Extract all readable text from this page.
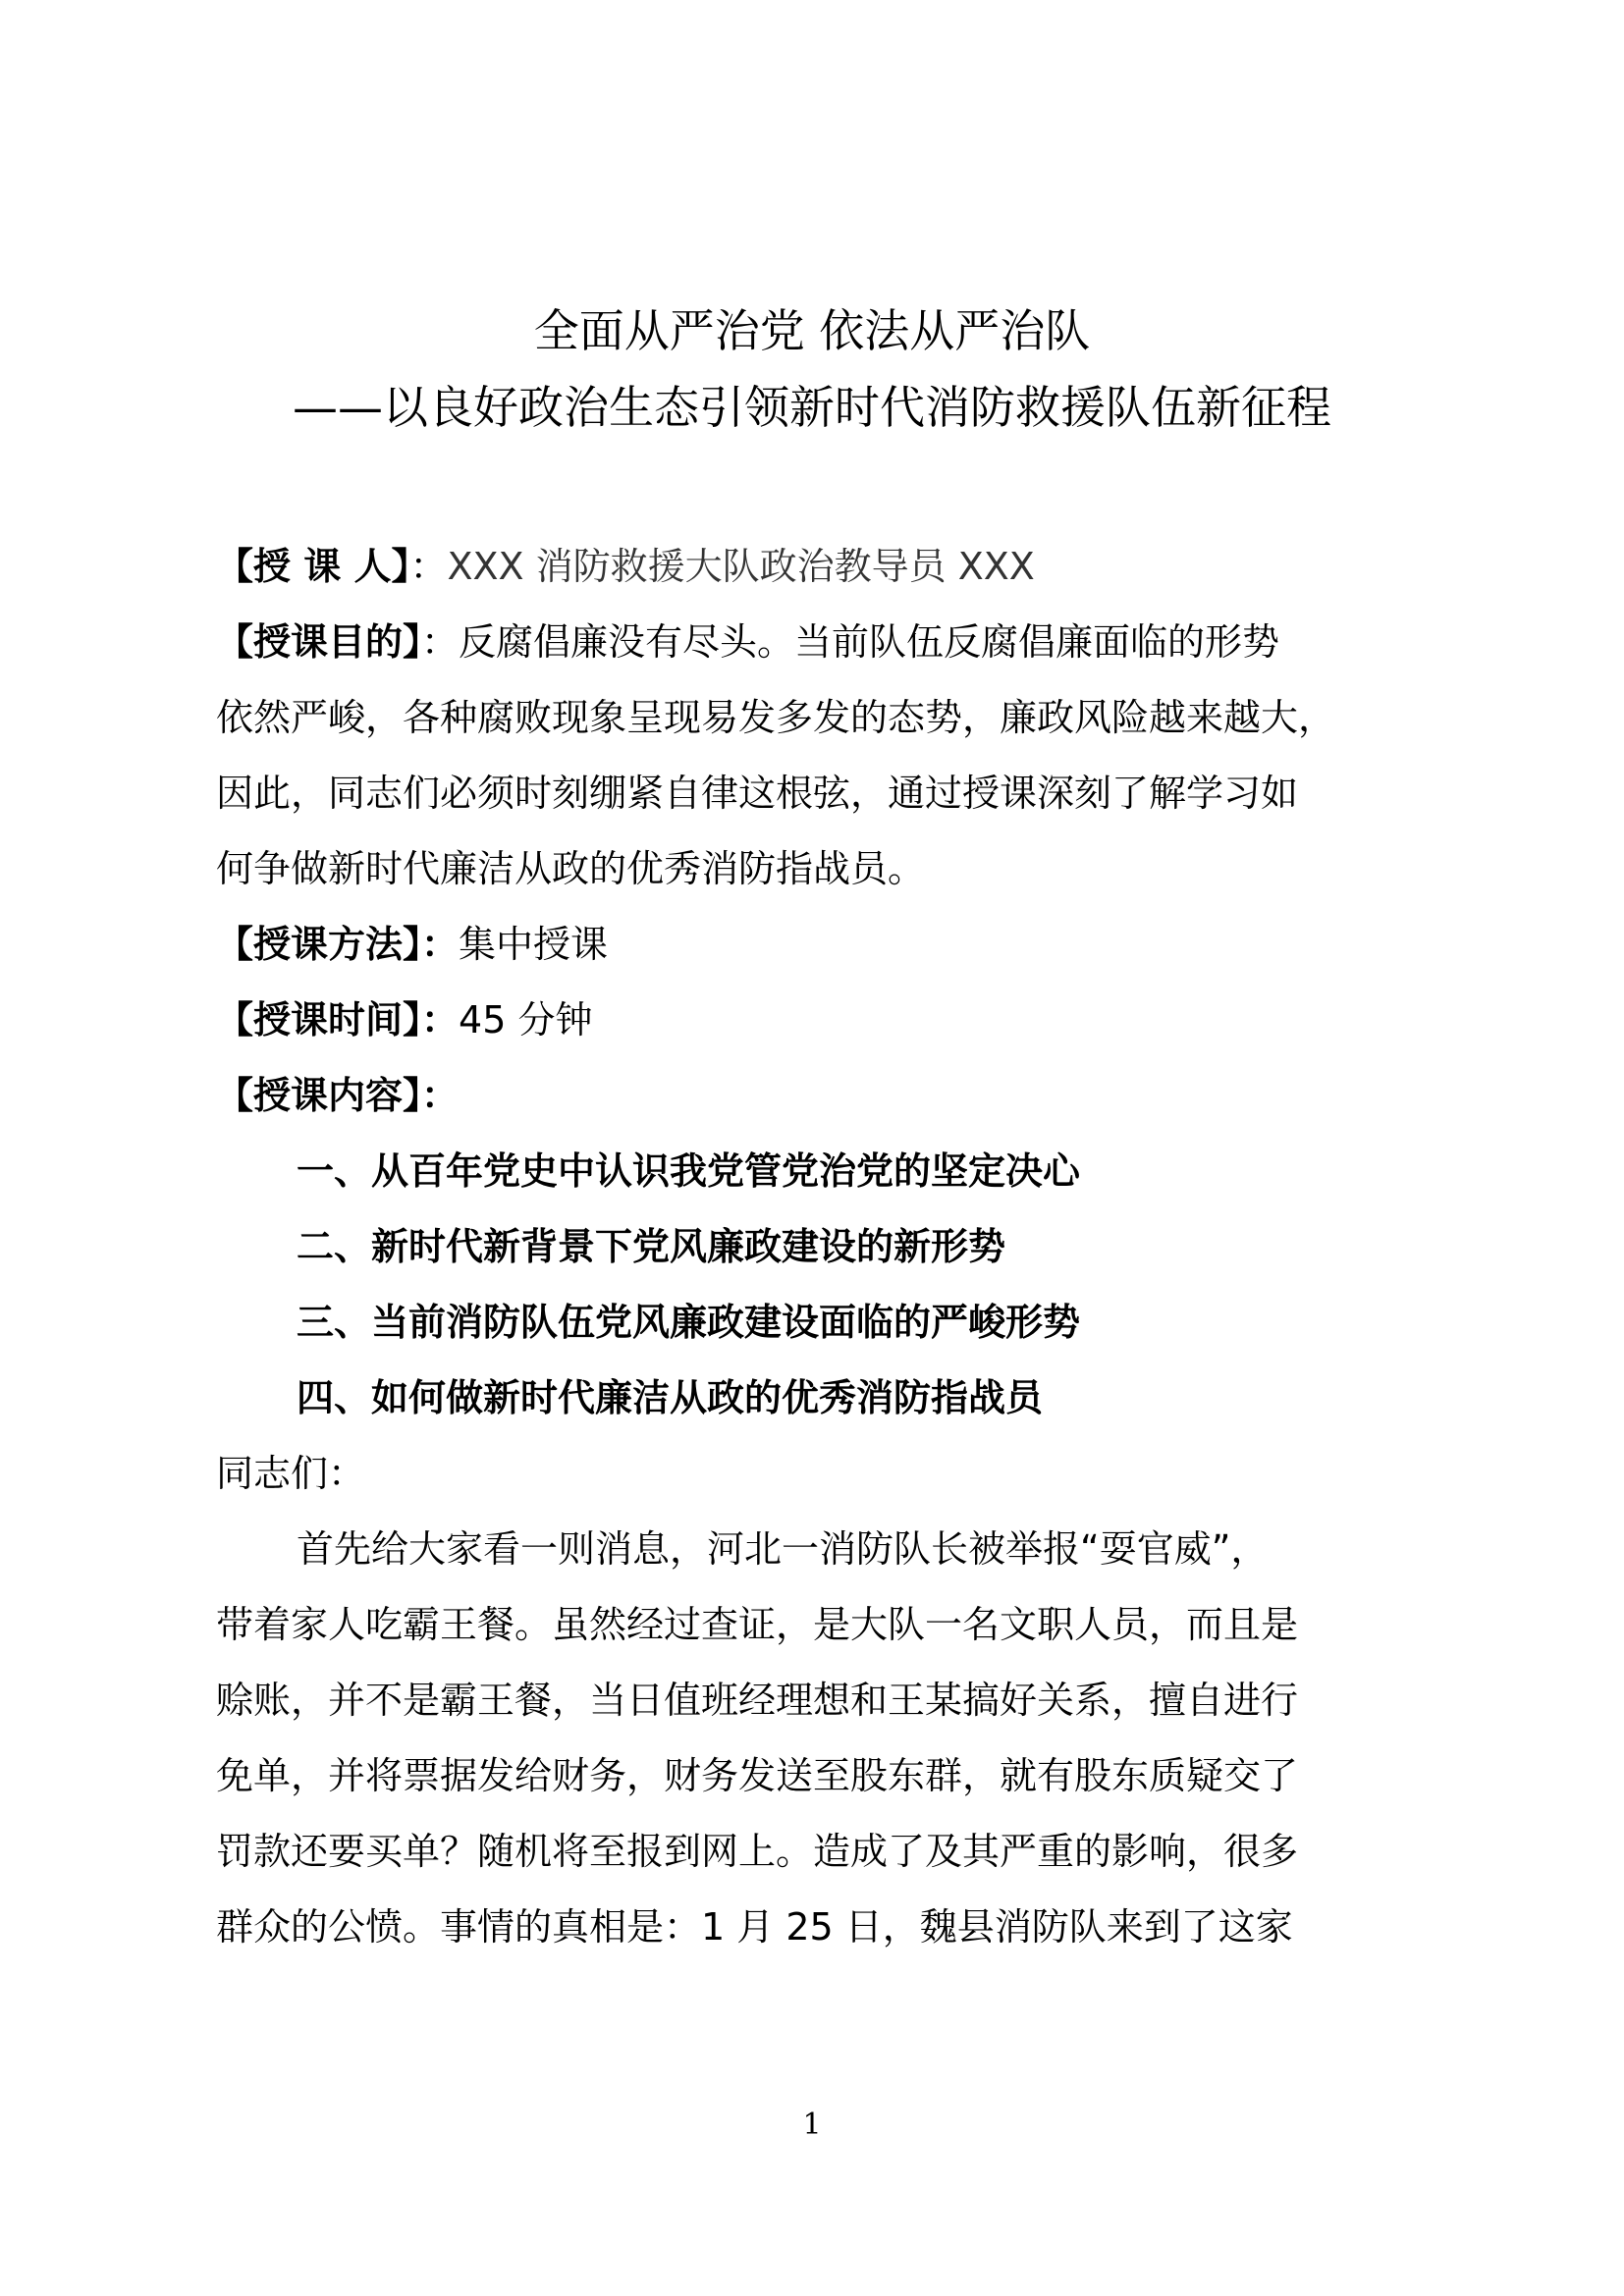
全面从严治党 依法从严治队
——以良好政治生态引领新时代消防救援队伍新征程
【授 课 人】：XXX 消防救援大队政治教导员 XXX
【授课目的】：反腐倡廉没有尽头。当前队伍反腐倡廉面临的形势
依然严峻，各种腐败现象呈现易发多发的态势，廉政风险越来越大，
因此，同志们必须时刻绷紧自律这根弦，通过授课深刻了解学习如
何争做新时代廉洁从政的优秀消防指战员。
【授课方法】：集中授课
【授课时间】：45 分钟
【授课内容】：
一、从百年党史中认识我党管党治党的坚定决心
二、新时代新背景下党风廉政建设的新形势
三、当前消防队伍党风廉政建设面临的严峻形势
四、如何做新时代廉洁从政的优秀消防指战员
同志们：
首先给大家看一则消息，河北一消防队长被举报“耍官威”，
带着家人吃霸王餐。虽然经过查证，是大队一名文职人员，而且是
赊账，并不是霸王餐，当日值班经理想和王某搞好关系，擅自进行
免单，并将票据发给财务，财务发送至股东群，就有股东质疑交了
罚款还要买单？随机将至报到网上。造成了及其严重的影响，很多
群众的公愤。事情的真相是：1 月 25 日，魏县消防队来到了这家
1
